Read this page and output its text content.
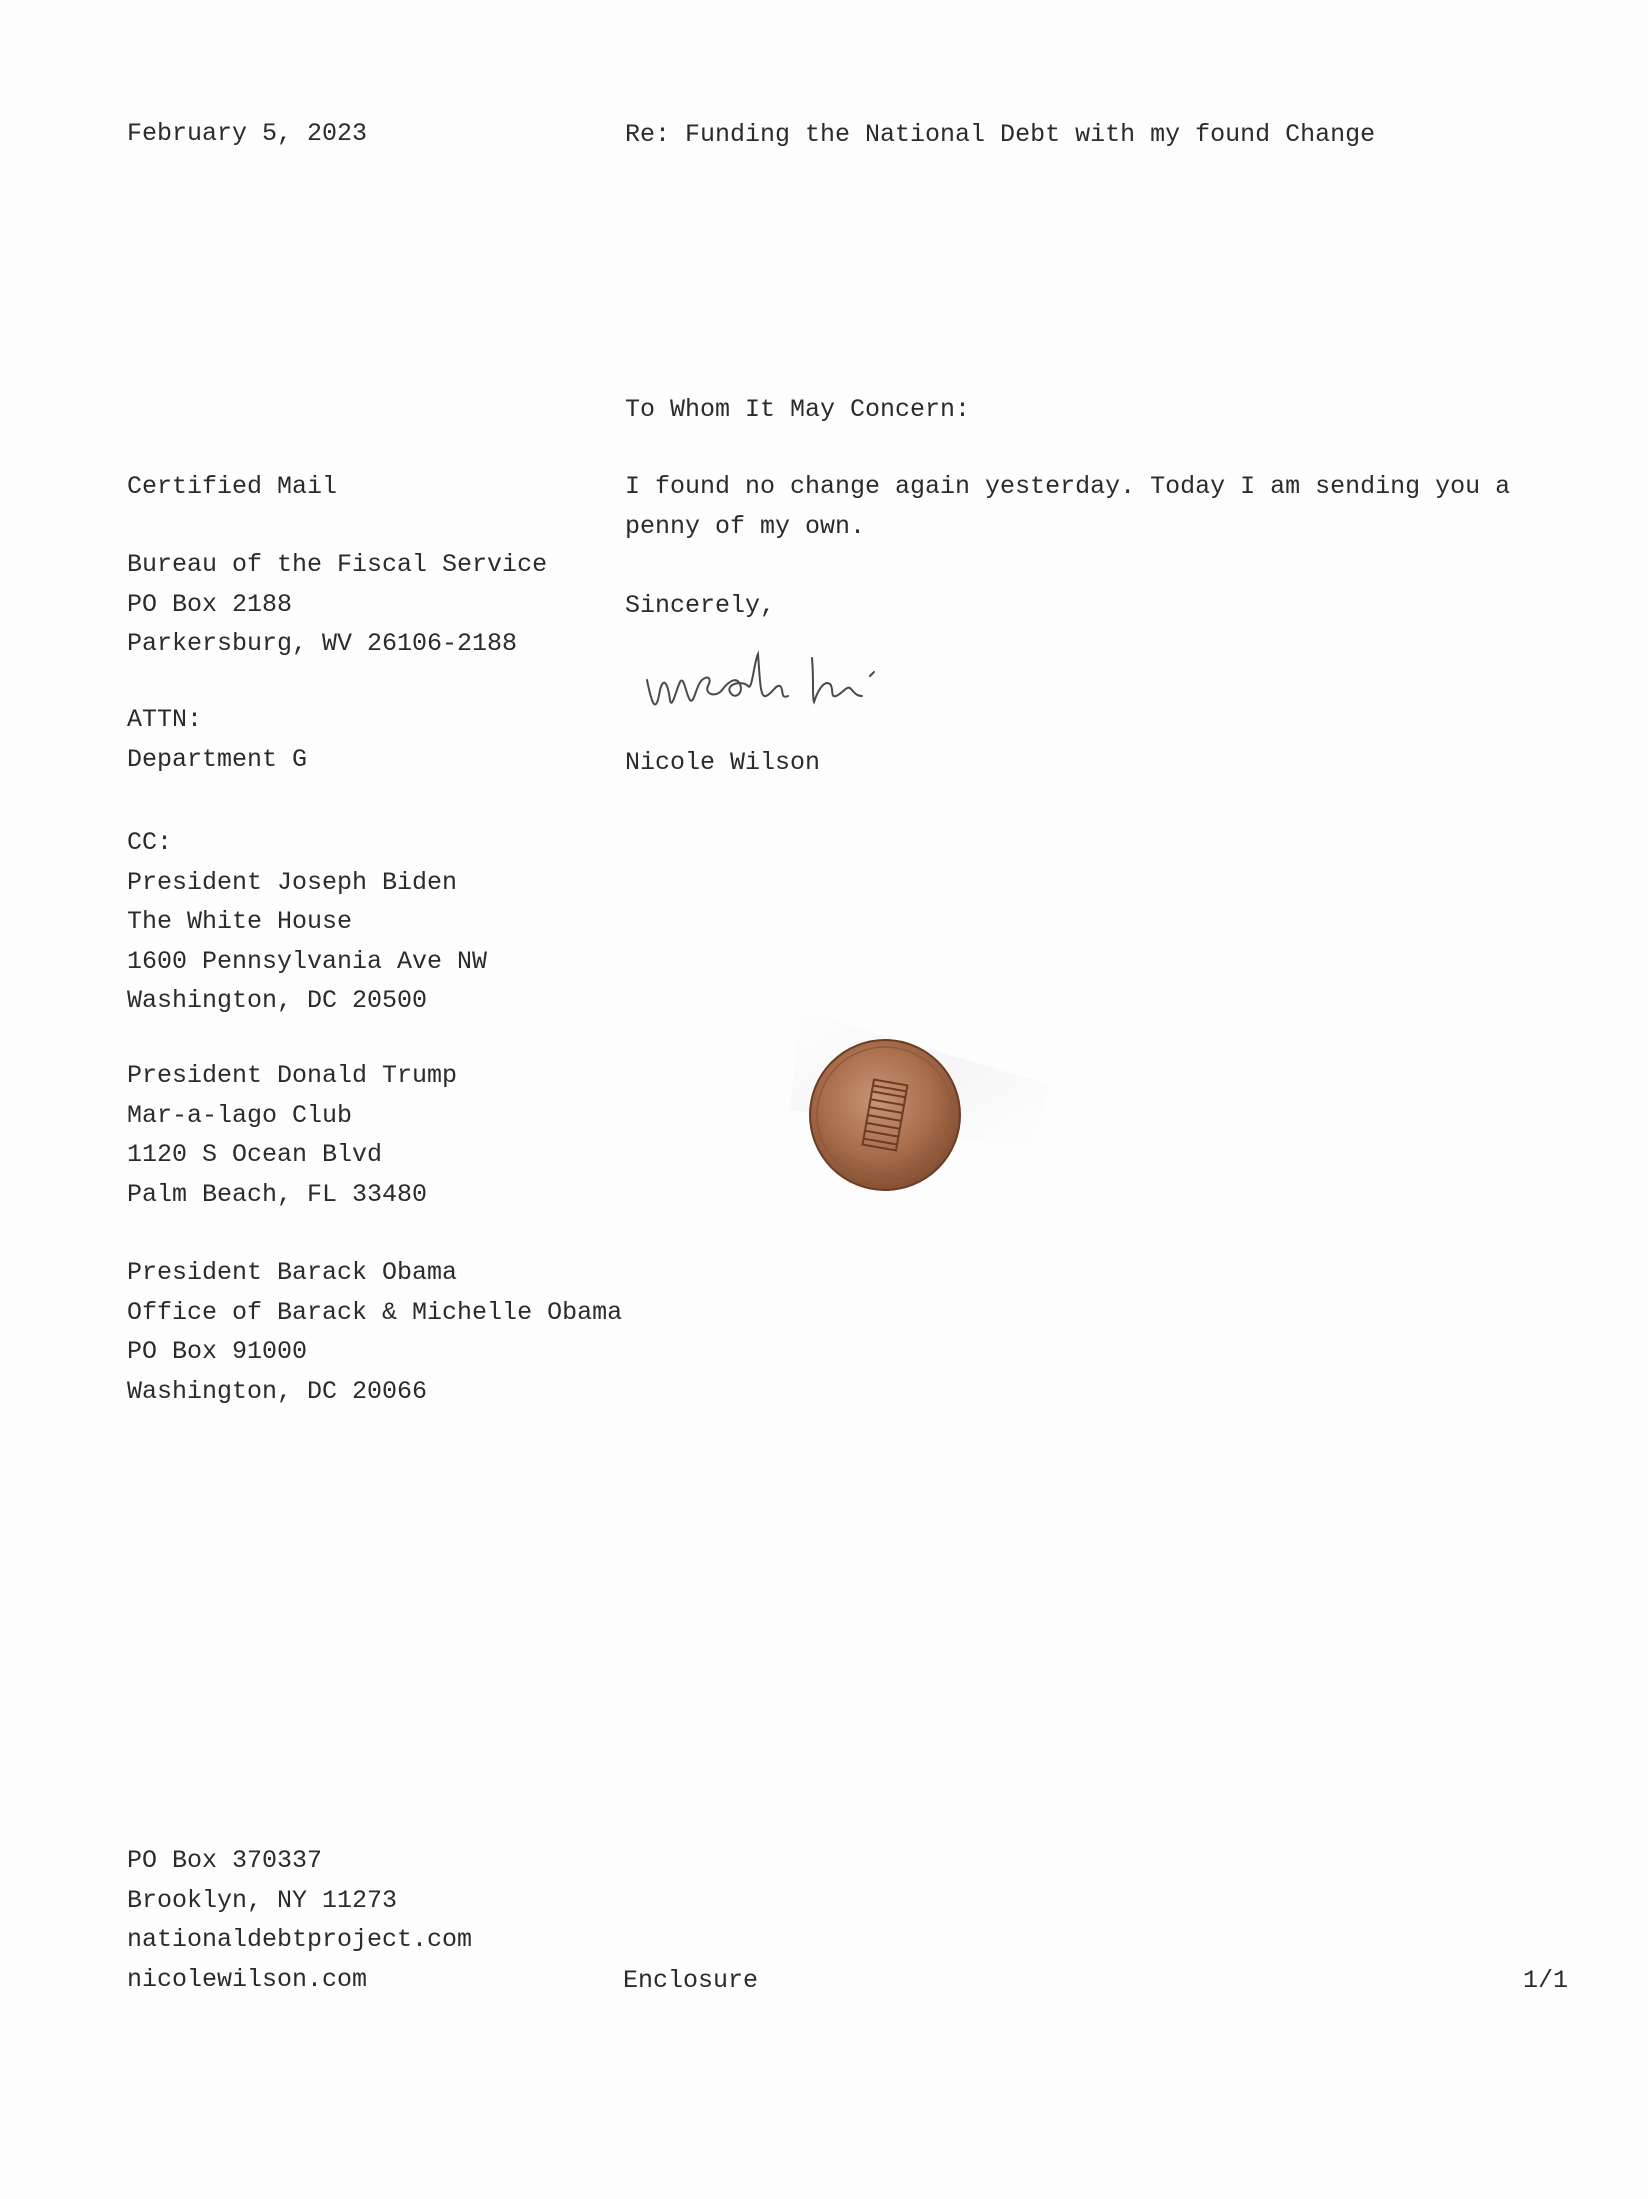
February 5, 2023	Re: Funding the National Debt with my found Change
To Whom It May Concern:
I found no change again yesterday. Today I am sending you a penny of my own.
Sincerely,
Nicole Wilson
Certified Mail
Bureau of the Fiscal Service
PO Box 2188
Parkersburg, WV 26106-2188
ATTN:
Department G
CC:
President Joseph Biden
The White House
1600 Pennsylvania Ave NW
Washington, DC 20500
President Donald Trump
Mar-a-lago Club
1120 S Ocean Blvd
Palm Beach, FL 33480
President Barack Obama
Office of Barack & Michelle Obama
PO Box 91000
Washington, DC 20066
PO Box 370337
Brooklyn, NY 11273
nationaldebtproject.com
nicolewilson.com	Enclosure	1/1
